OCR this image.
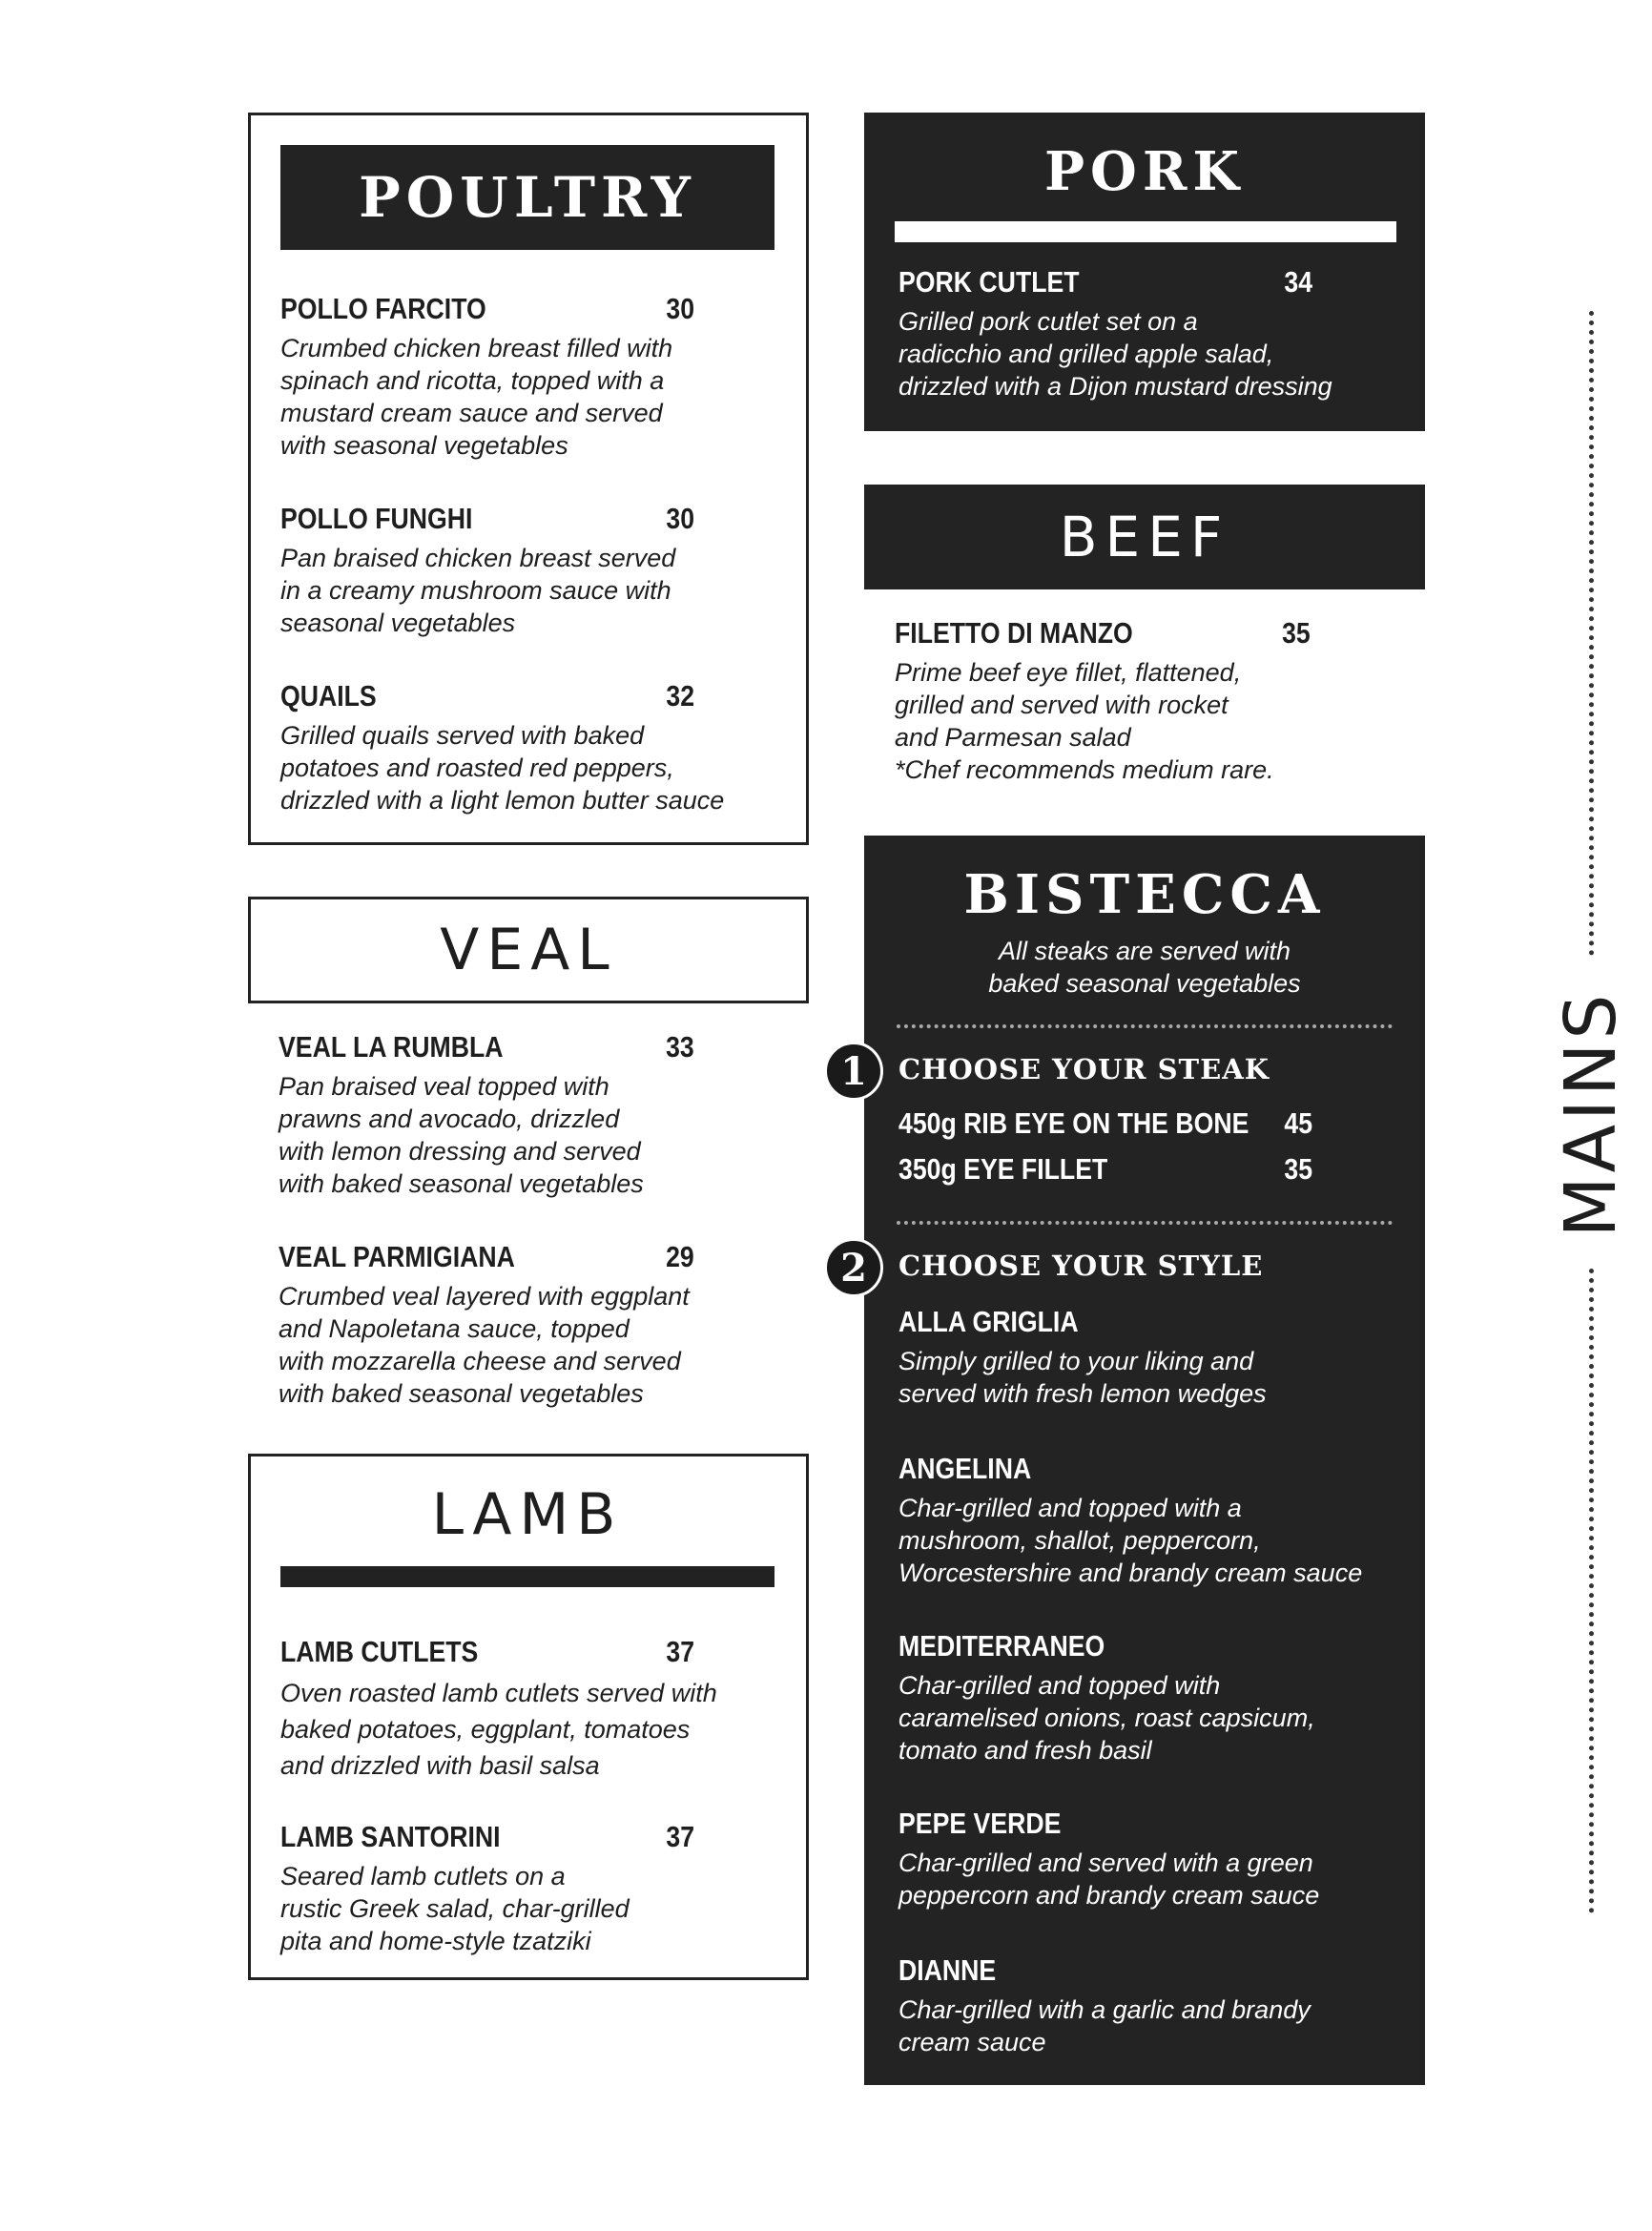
POULTRY
POLLO FARCITO	30
Crumbed chicken breast filled with
spinach and ricotta, topped with a
mustard cream sauce and served
with seasonal vegetables
POLLO FUNGHI	30
Pan braised chicken breast served
in a creamy mushroom sauce with
seasonal vegetables
QUAILS	32
Grilled quails served with baked
potatoes and roasted red peppers,
drizzled with a light lemon butter sauce
VEAL
VEAL LA RUMBLA	33
Pan braised veal topped with
prawns and avocado, drizzled
with lemon dressing and served
with baked seasonal vegetables
VEAL PARMIGIANA	29
Crumbed veal layered with eggplant
and Napoletana sauce, topped
with mozzarella cheese and served
with baked seasonal vegetables
LAMB
LAMB CUTLETS	37
Oven roasted lamb cutlets served with
baked potatoes, eggplant, tomatoes
and drizzled with basil salsa
LAMB SANTORINI	37
Seared lamb cutlets on a
rustic Greek salad, char-grilled
pita and home-style tzatziki
PORK
PORK CUTLET	34
Grilled pork cutlet set on a
radicchio and grilled apple salad,
drizzled with a Dijon mustard dressing
BEEF
FILETTO DI MANZO	35
Prime beef eye fillet, flattened,
grilled and served with rocket
and Parmesan salad
*Chef recommends medium rare.
BISTECCA
All steaks are served with
baked seasonal vegetables
1	CHOOSE YOUR STEAK
450g RIB EYE ON THE BONE 45
350g EYE FILLET	35
2	CHOOSE YOUR STYLE
ALLA GRIGLIA
Simply grilled to your liking and
served with fresh lemon wedges
ANGELINA
Char-grilled and topped with a
mushroom, shallot, peppercorn,
Worcestershire and brandy cream sauce
MEDITERRANEO
Char-grilled and topped with
caramelised onions, roast capsicum,
tomato and fresh basil
PEPE VERDE
Char-grilled and served with a green
peppercorn and brandy cream sauce
DIANNE
Char-grilled with a garlic and brandy
cream sauce
MAINS
